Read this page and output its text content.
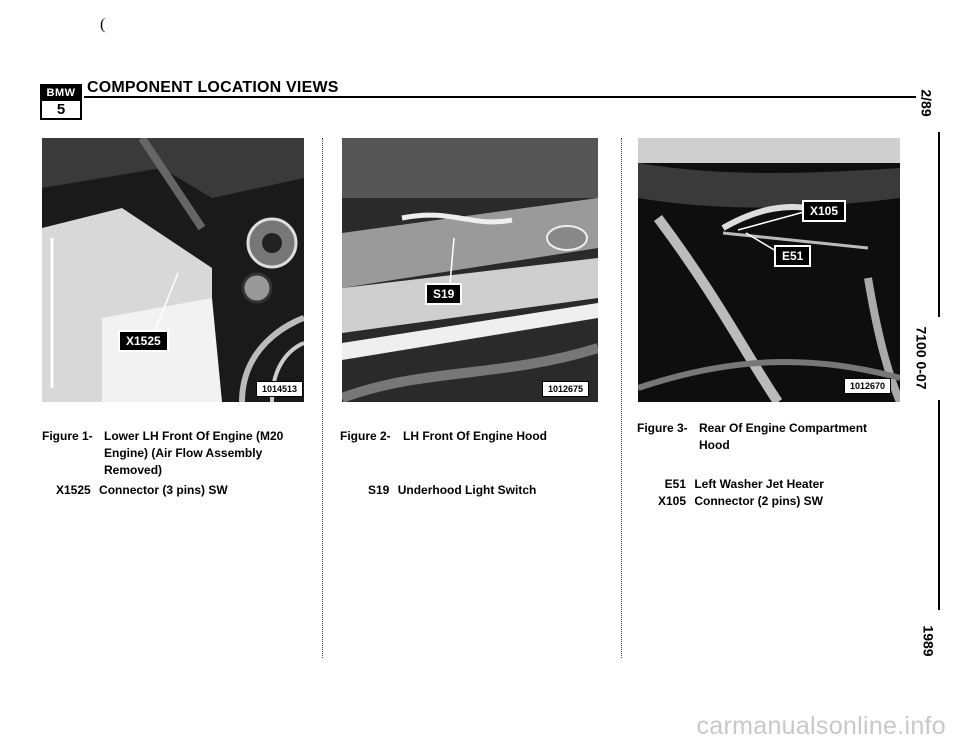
(
BMW
5
COMPONENT LOCATION VIEWS
X1525
1014513
S19
1012675
X105
E51
1012670
Figure 1- Lower LH Front Of Engine (M20 Engine) (Air Flow Assembly Removed)
X1525 Connector (3 pins) SW
Figure 2- LH Front Of Engine Hood
S19 Underhood Light Switch
Figure 3- Rear Of Engine Compartment Hood
E51 Left Washer Jet Heater
X105 Connector (2 pins) SW
2/89
7100 0-07
1989
carmanualsonline.info
